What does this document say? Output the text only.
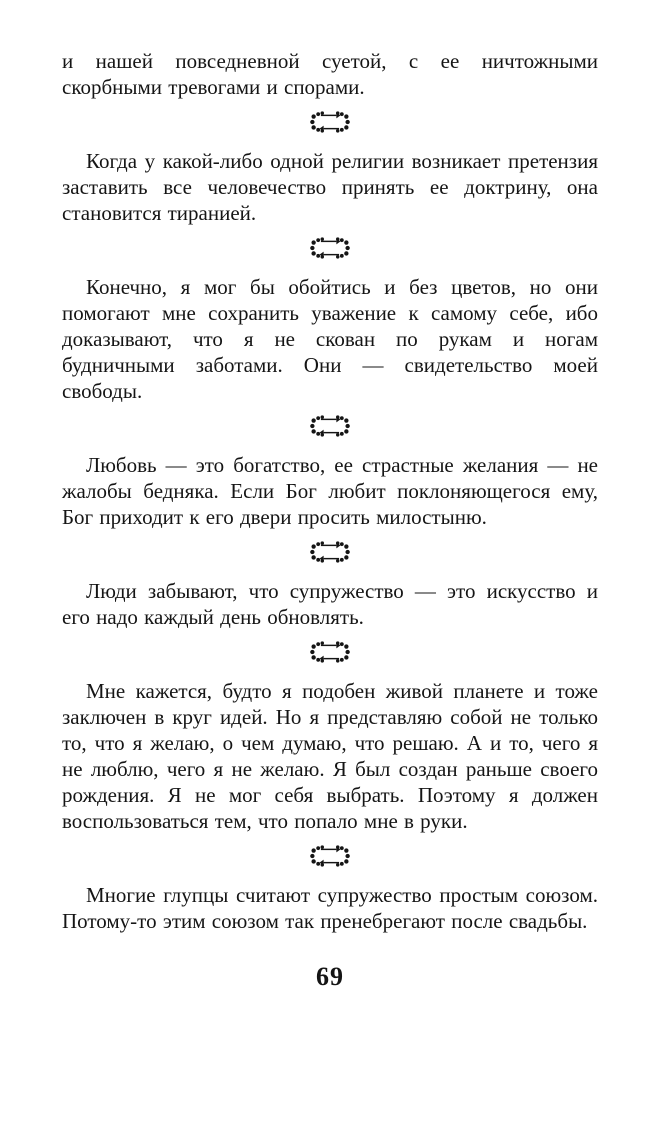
и нашей повседневной суетой, с ее ничтожными скорбными тревогами и спорами.

Когда у какой-либо одной религии возникает претензия заставить все человечество принять ее доктрину, она становится тиранией.

Конечно, я мог бы обойтись и без цветов, но они помогают мне сохранить уважение к самому себе, ибо доказывают, что я не скован по рукам и ногам будничными заботами. Они — свидетельство моей свободы.

Любовь — это богатство, ее страстные желания — не жалобы бедняка. Если Бог любит поклоняющегося ему, Бог приходит к его двери просить милостыню.

Люди забывают, что супружество — это искусство и его надо каждый день обновлять.

Мне кажется, будто я подобен живой планете и тоже заключен в круг идей. Но я представляю собой не только то, что я желаю, о чем думаю, что решаю. А и то, чего я не люблю, чего я не желаю. Я был создан раньше своего рождения. Я не мог себя выбрать. Поэтому я должен воспользоваться тем, что попало мне в руки.

Многие глупцы считают супружество простым союзом. Потому-то этим союзом так пренебрегают после свадьбы.

69
